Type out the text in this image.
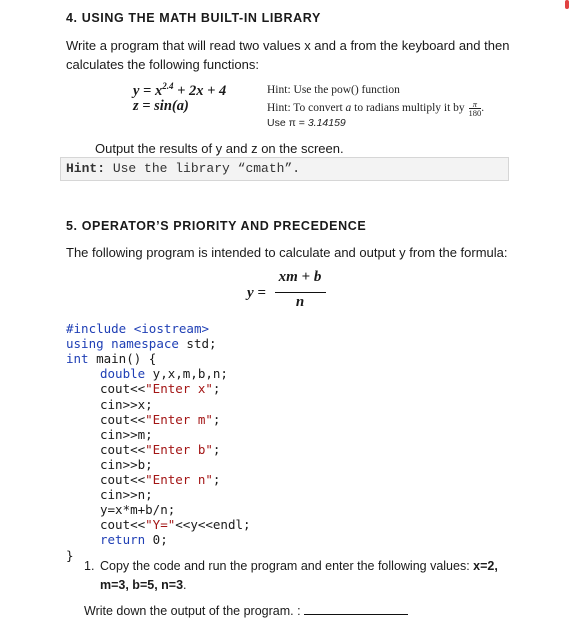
4. USING THE MATH BUILT-IN LIBRARY
Write a program that will read two values x and a from the keyboard and then
calculates the following functions:
$y = x^{2.4} + 2x + 4$
z = sin(a)
Hint: Use the pow() function
Hint: To convert a to radians multiply it by $\frac{\pi}{180}$ .
Use π = 3.14159
Output the results of y and z on the screen.
Hint: Use the library “cmath”.
5. OPERATOR’S PRIORITY AND PRECEDENCE
The following program is intended to calculate and output y from the formula:
y =
xm + b
n

#include <iostream>
using namespace std;
int main() {
double y,x,m,b,n;
cout<<"Enter x";
cin>>x;
cout<<"Enter m";
cin>>m;
cout<<"Enter b";
cin>>b;
cout<<"Enter n";
cin>>n;
y=x*m+b/n;
cout<<"Y="<<y<<endl;
return 0;
}

1. Copy the code and run the program and enter the following values: x=2,
m=3, b=5, n=3.
Write down the output of the program. :
